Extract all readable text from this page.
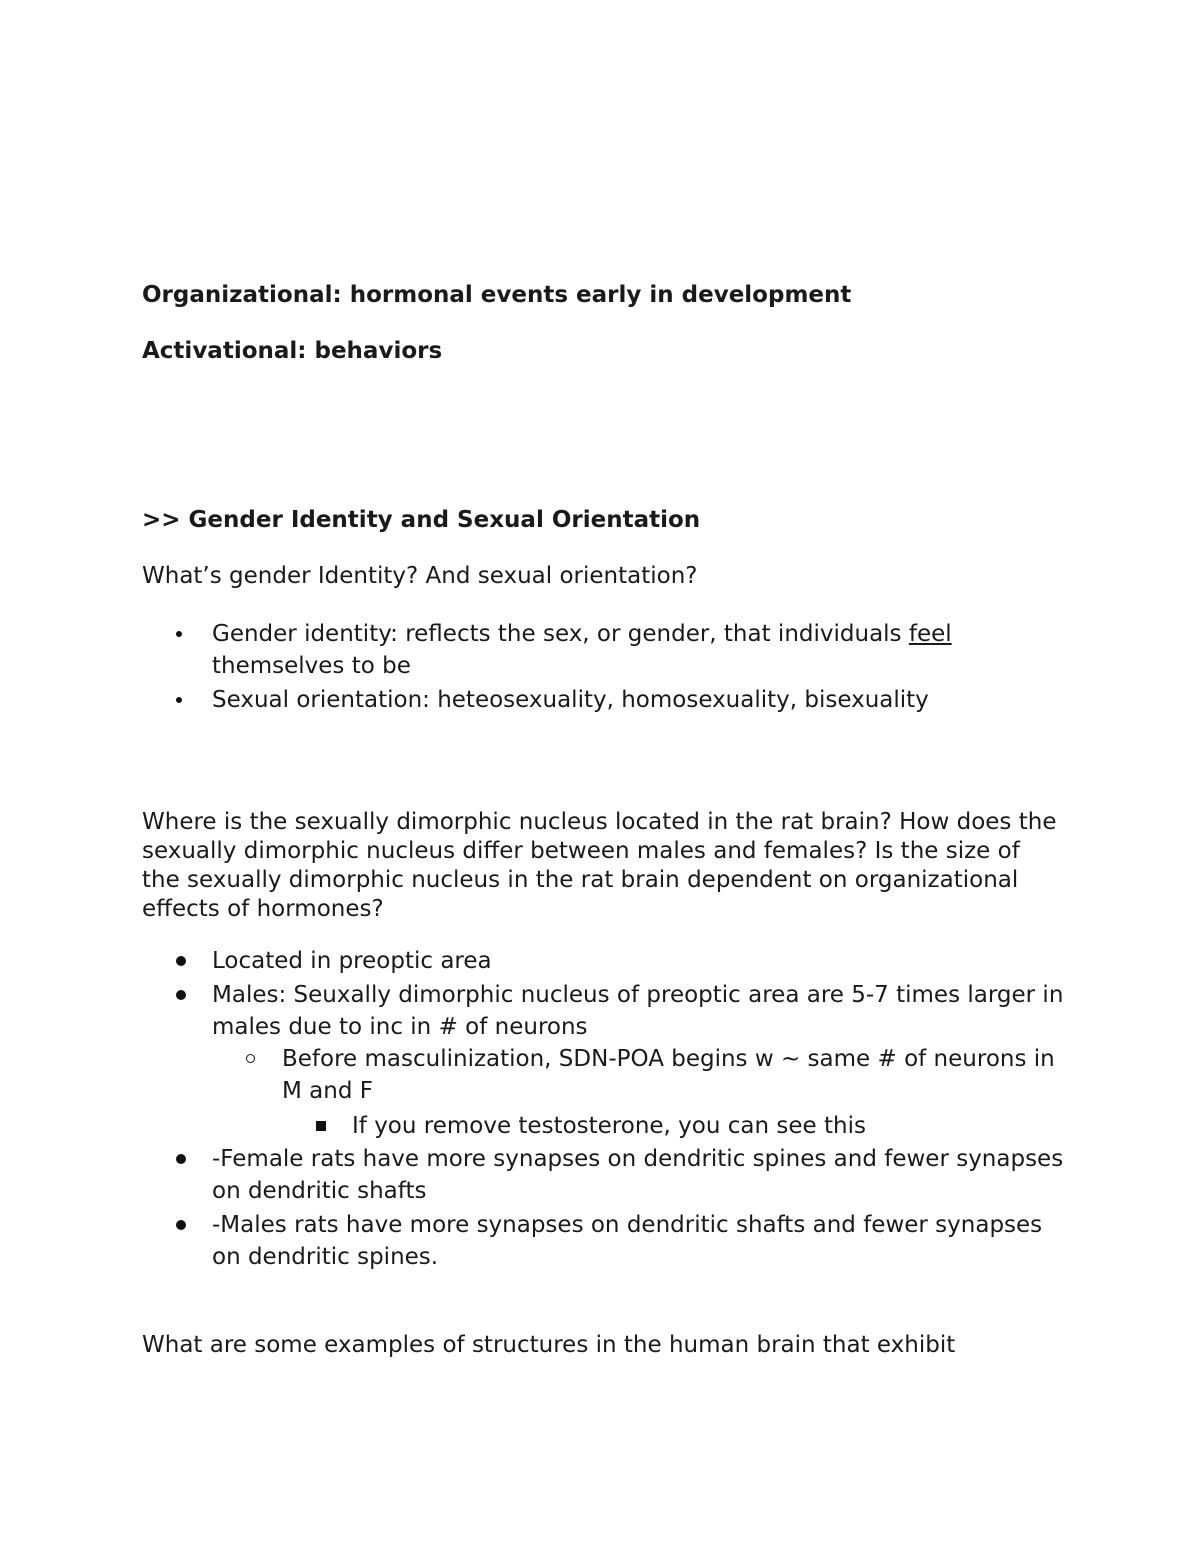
Organizational: hormonal events early in development

Activational: behaviors

>> Gender Identity and Sexual Orientation

What’s gender Identity? And sexual orientation?

Gender identity: reflects the sex, or gender, that individuals feel themselves to be
Sexual orientation: heteosexuality, homosexuality, bisexuality

Where is the sexually dimorphic nucleus located in the rat brain? How does the sexually dimorphic nucleus differ between males and females? Is the size of the sexually dimorphic nucleus in the rat brain dependent on organizational effects of hormones?

Located in preoptic area
Males: Seuxally dimorphic nucleus of preoptic area are 5-7 times larger in males due to inc in # of neurons
Before masculinization, SDN-POA begins w ~ same # of neurons in M and F
If you remove testosterone, you can see this
-Female rats have more synapses on dendritic spines and fewer synapses on dendritic shafts
-Males rats have more synapses on dendritic shafts and fewer synapses on dendritic spines.

What are some examples of structures in the human brain that exhibit
